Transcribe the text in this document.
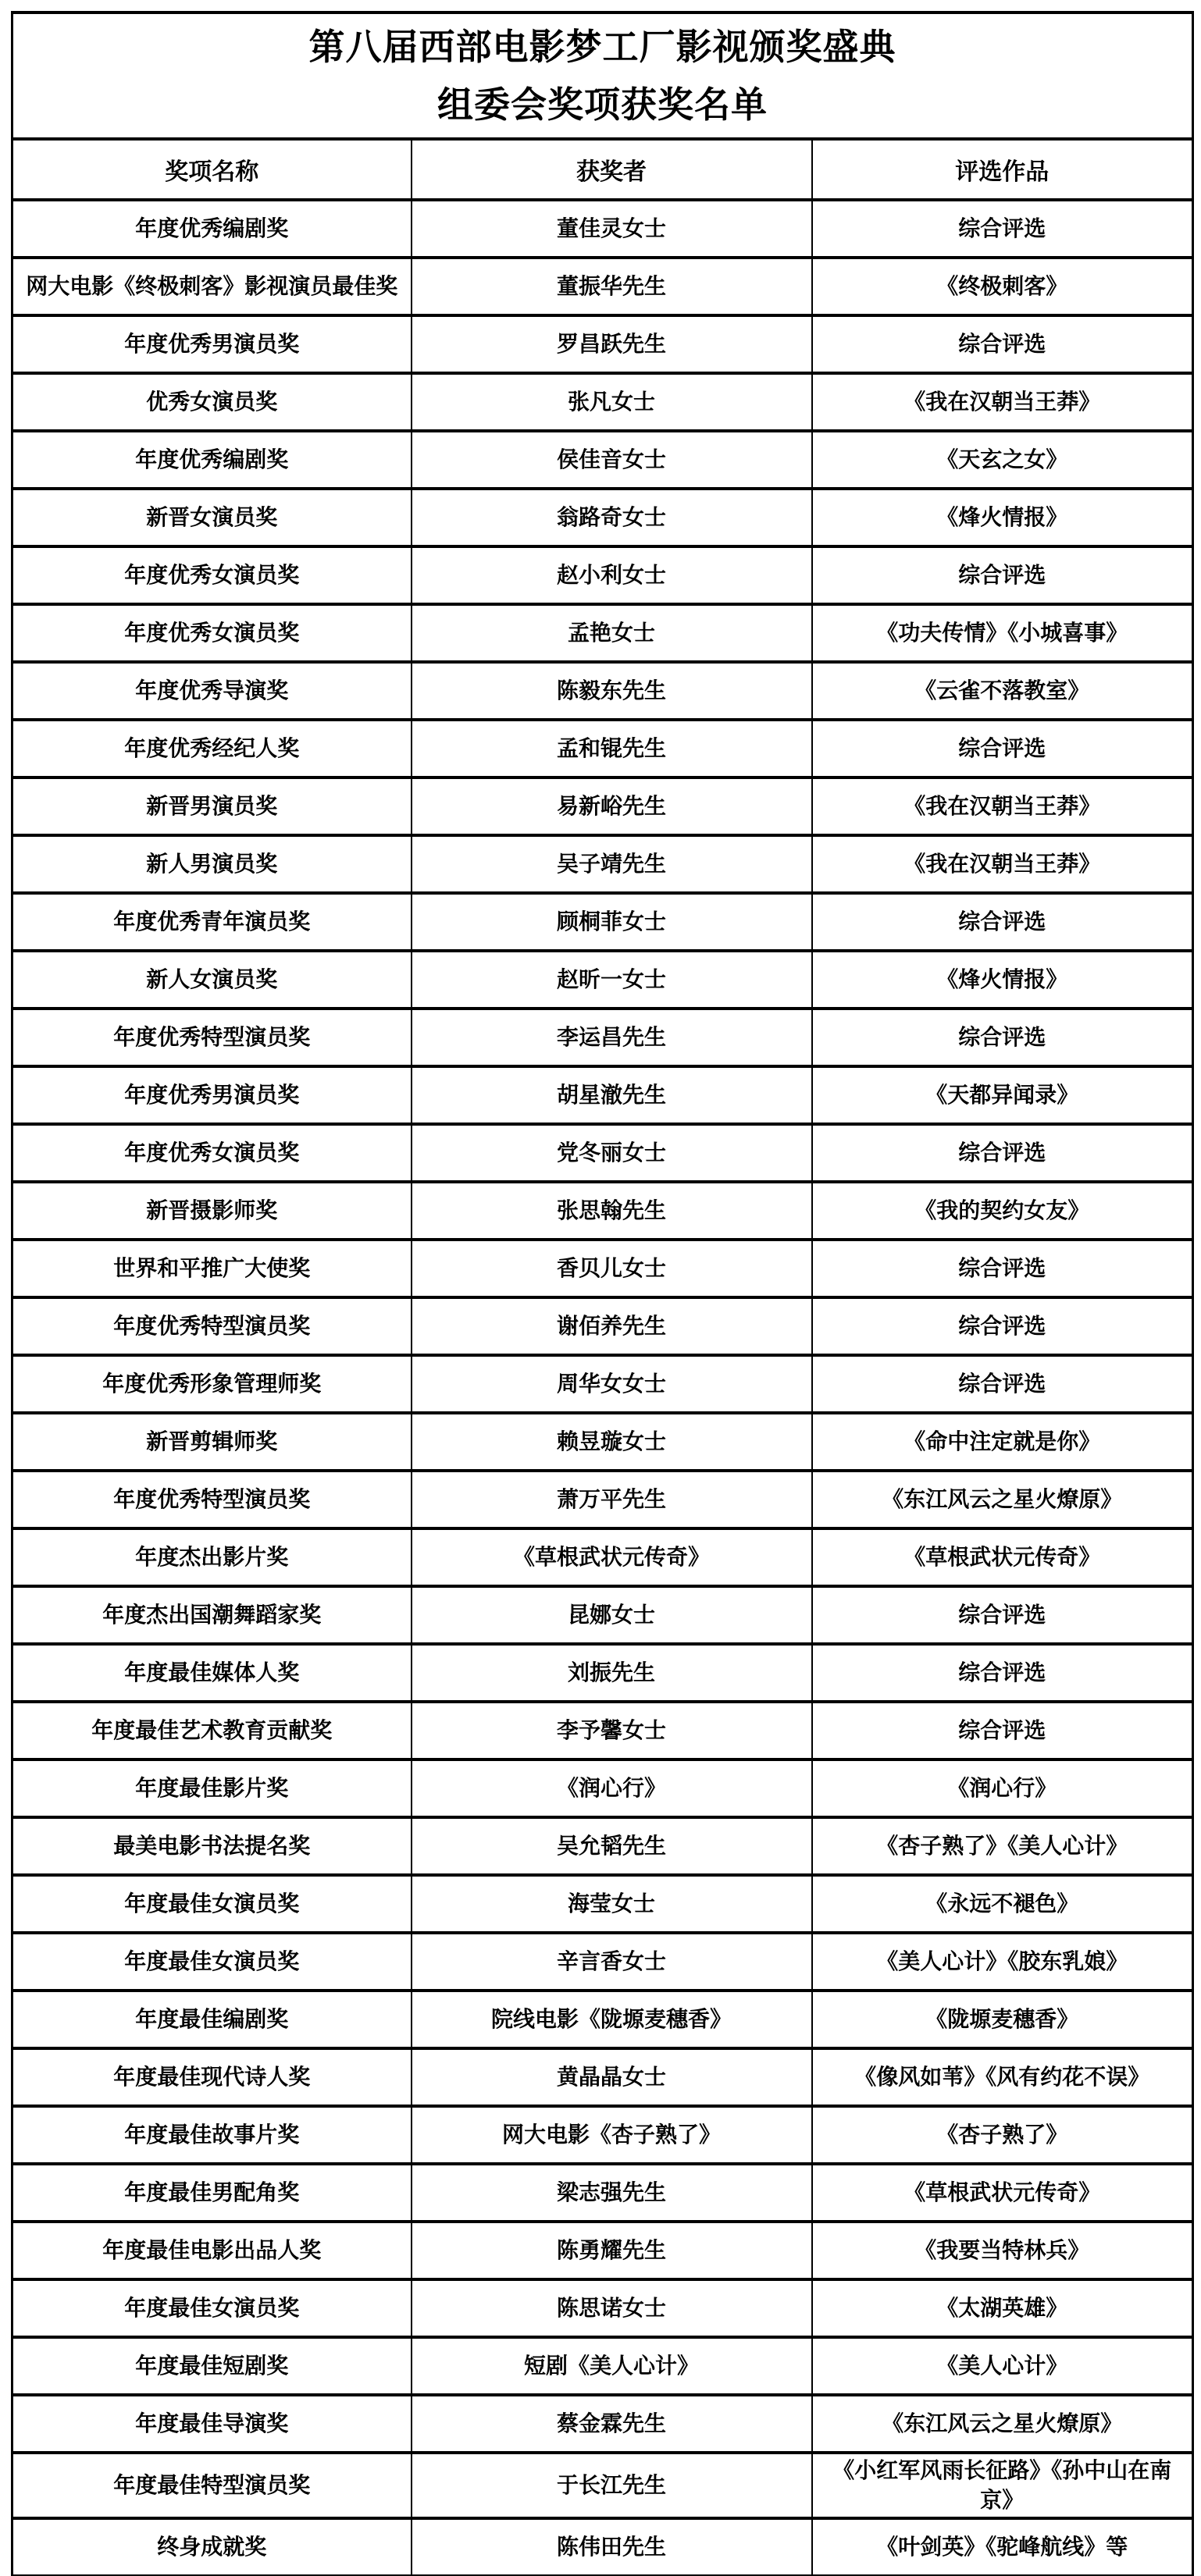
第八届西部电影梦工厂影视颁奖盛典
组委会奖项获奖名单		

奖项名称	获奖者	评选作品
年度优秀编剧奖	董佳灵女士	综合评选
网大电影《终极刺客》影视演员最佳奖	董振华先生	《终极刺客》
年度优秀男演员奖	罗昌跃先生	综合评选
优秀女演员奖	张凡女士	《我在汉朝当王莽》
年度优秀编剧奖	侯佳音女士	《天玄之女》
新晋女演员奖	翁路奇女士	《烽火情报》
年度优秀女演员奖	赵小利女士	综合评选
年度优秀女演员奖	孟艳女士	《功夫传情》《小城喜事》
年度优秀导演奖	陈毅东先生	《云雀不落教室》
年度优秀经纪人奖	孟和锟先生	综合评选
新晋男演员奖	易新峪先生	《我在汉朝当王莽》
新人男演员奖	吴子靖先生	《我在汉朝当王莽》
年度优秀青年演员奖	顾桐菲女士	综合评选
新人女演员奖	赵昕一女士	《烽火情报》
年度优秀特型演员奖	李运昌先生	综合评选
年度优秀男演员奖	胡星澈先生	《天都异闻录》
年度优秀女演员奖	党冬丽女士	综合评选
新晋摄影师奖	张思翰先生	《我的契约女友》
世界和平推广大使奖	香贝儿女士	综合评选
年度优秀特型演员奖	谢佰养先生	综合评选
年度优秀形象管理师奖	周华女女士	综合评选
新晋剪辑师奖	赖昱璇女士	《命中注定就是你》
年度优秀特型演员奖	萧万平先生	《东江风云之星火燎原》
年度杰出影片奖	《草根武状元传奇》	《草根武状元传奇》
年度杰出国潮舞蹈家奖	昆娜女士	综合评选
年度最佳媒体人奖	刘振先生	综合评选
年度最佳艺术教育贡献奖	李予馨女士	综合评选
年度最佳影片奖	《润心行》	《润心行》
最美电影书法提名奖	吴允韬先生	《杏子熟了》《美人心计》
年度最佳女演员奖	海莹女士	《永远不褪色》
年度最佳女演员奖	辛言香女士	《美人心计》《胶东乳娘》
年度最佳编剧奖	院线电影《陇塬麦穗香》	《陇塬麦穗香》
年度最佳现代诗人奖	黄晶晶女士	《像风如苇》《风有约花不误》
年度最佳故事片奖	网大电影《杏子熟了》	《杏子熟了》
年度最佳男配角奖	梁志强先生	《草根武状元传奇》
年度最佳电影出品人奖	陈勇耀先生	《我要当特林兵》
年度最佳女演员奖	陈思诺女士	《太湖英雄》
年度最佳短剧奖	短剧《美人心计》	《美人心计》
年度最佳导演奖	蔡金霖先生	《东江风云之星火燎原》
年度最佳特型演员奖	于长江先生	《小红军风雨长征路》《孙中山在南京》
终身成就奖	陈伟田先生	《叶剑英》《驼峰航线》等
